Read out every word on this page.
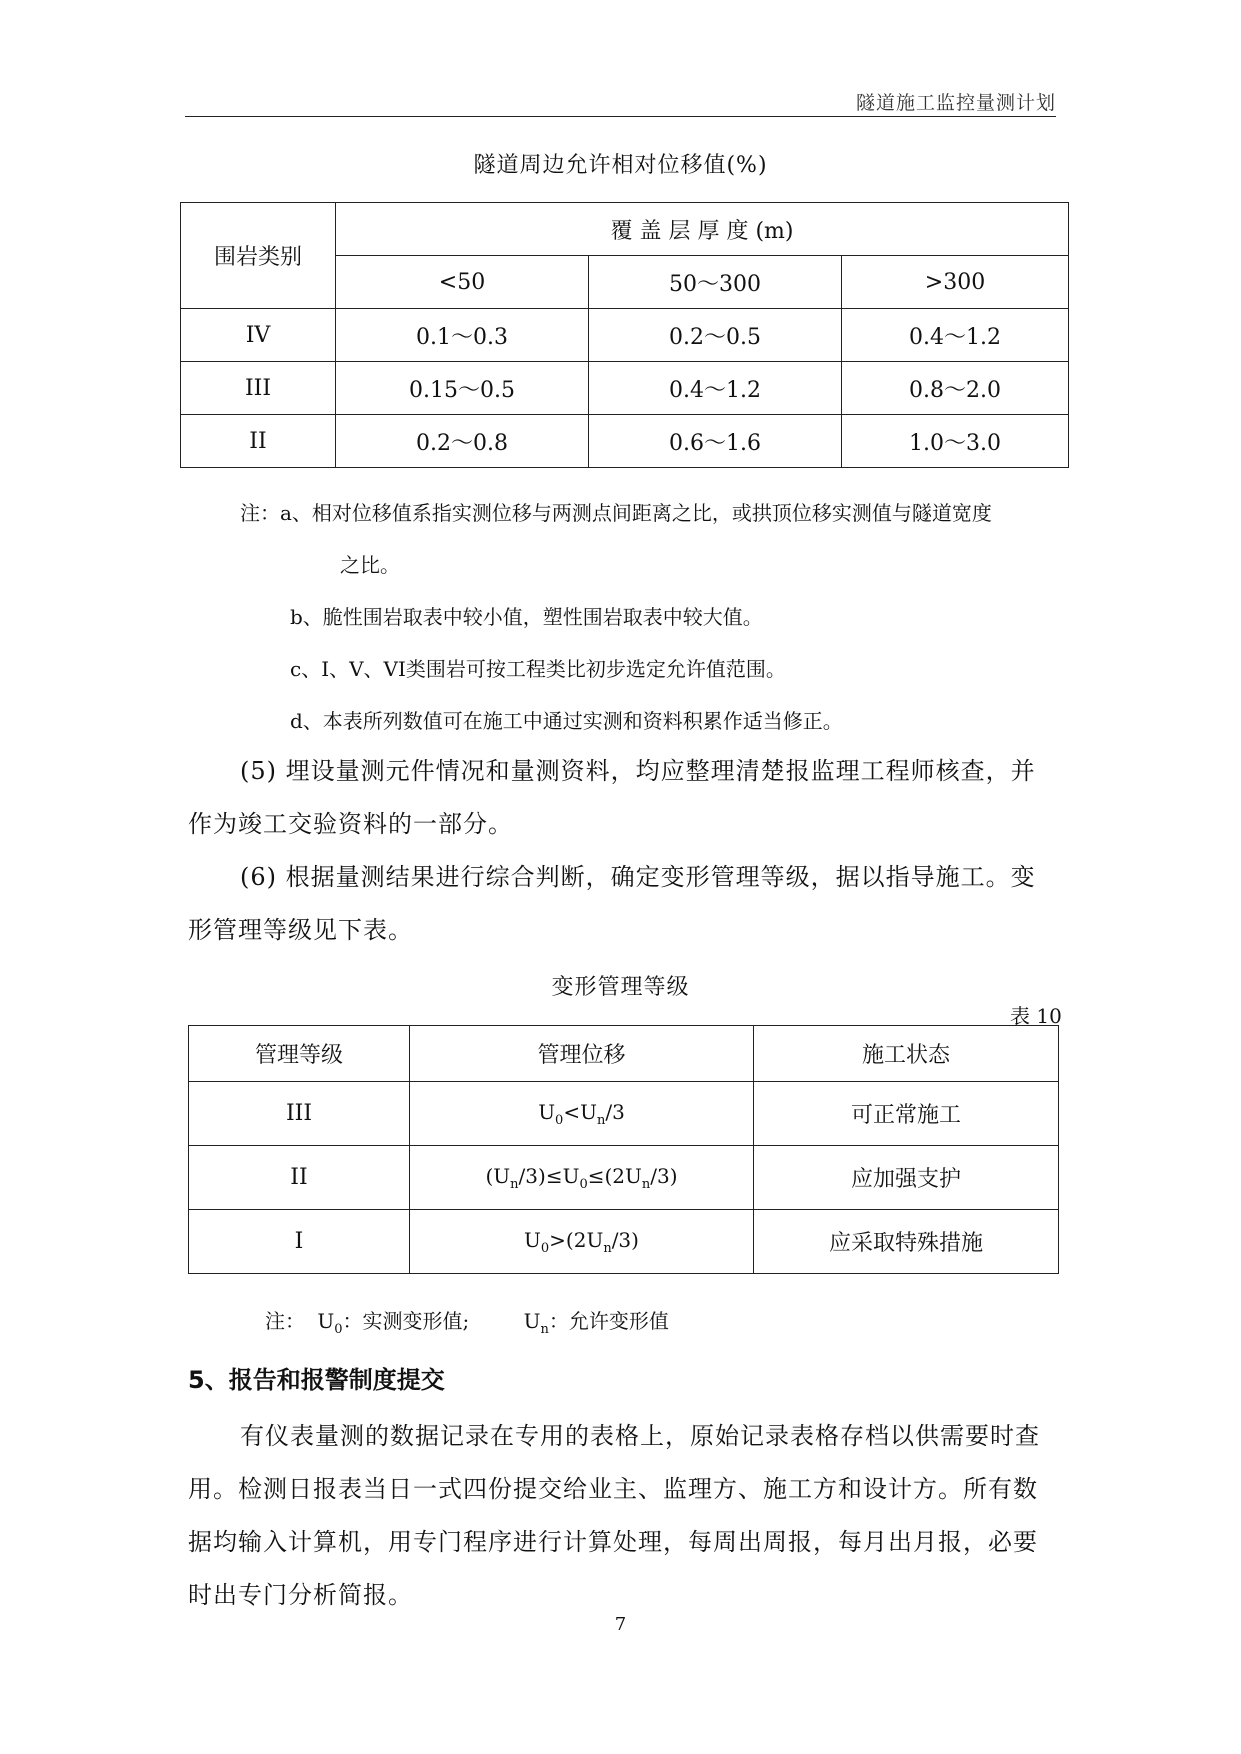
隧道施工监控量测计划
隧道周边允许相对位移值(%)
围岩类别	覆 盖 层 厚 度 (m)		
	<50	50～300	>300
IV	0.1～0.3	0.2～0.5	0.4～1.2
III	0.15～0.5	0.4～1.2	0.8～2.0
II	0.2～0.8	0.6～1.6	1.0～3.0
注：a、相对位移值系指实测位移与两测点间距离之比，或拱顶位移实测值与隧道宽度
之比。
b、脆性围岩取表中较小值，塑性围岩取表中较大值。
c、I、V、VI类围岩可按工程类比初步选定允许值范围。
d、本表所列数值可在施工中通过实测和资料积累作适当修正。
(5) 埋设量测元件情况和量测资料，均应整理清楚报监理工程师核查，并作为竣工交验资料的一部分。
(6) 根据量测结果进行综合判断，确定变形管理等级，据以指导施工。变形管理等级见下表。
变形管理等级
表 10
管理等级	管理位移	施工状态
III	$U_0<U_n/3$	可正常施工
II	$(U_n/3)\le U_0\le(2U_n/3)$	应加强支护
I	$U_0>(2U_n/3)$	应采取特殊措施
注： $U_0$：实测变形值;	$U_n$：允许变形值
5、报告和报警制度提交
有仪表量测的数据记录在专用的表格上，原始记录表格存档以供需要时查用。检测日报表当日一式四份提交给业主、监理方、施工方和设计方。所有数据均输入计算机，用专门程序进行计算处理，每周出周报，每月出月报，必要时出专门分析简报。
7
